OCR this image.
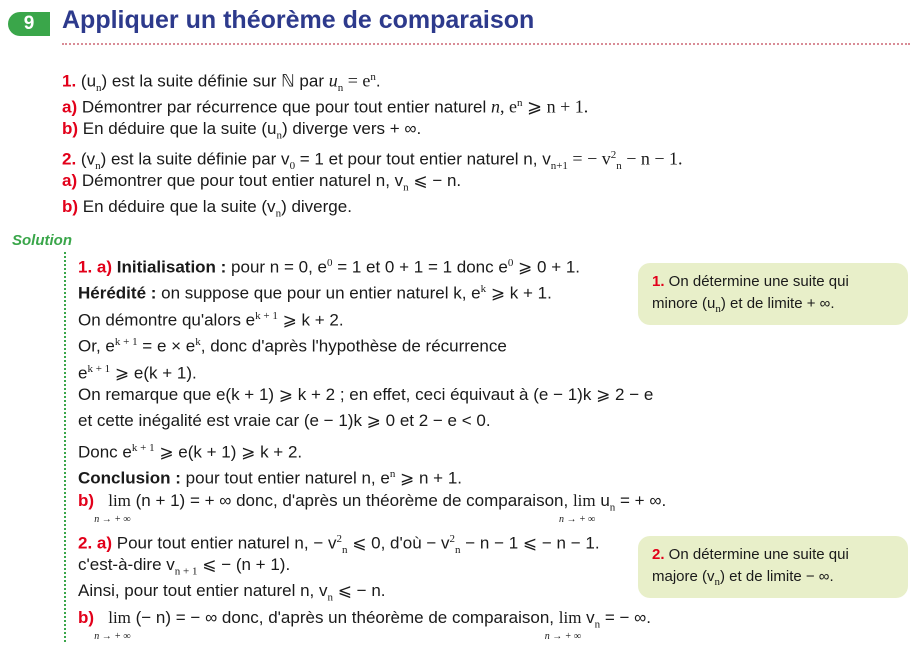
9	Appliquer un théorème de comparaison
1. $(u_n)$ est la suite définie sur ℕ par $u_n = e^n$.
a) Démontrer par récurrence que pour tout entier naturel n, $e^n$ ⩾ n + 1.
b) En déduire que la suite $(u_n)$ diverge vers + ∞.
2. $(v_n)$ est la suite définie par $v_0 = 1$ et pour tout entier naturel n, $v_{n+1}$ = − $v^2_n - n - 1$.
a) Démontrer que pour tout entier naturel n, $v_n$ ⩽ − n.
b) En déduire que la suite $(v_n)$ diverge.
Solution
1. a) Initialisation : pour n = 0, $e^0 = 1$ et 0 + 1 = 1 donc $e^0$ ⩾ 0 + 1.
Hérédité : on suppose que pour un entier naturel k, $e^k$ ⩾ k + 1.
On démontre qu'alors $e^{k + 1}$ ⩾ k + 2.
Or, $e^{k + 1} = e \times e^k$, donc d'après l'hypothèse de récurrence
$e^{k + 1}$ ⩾ e(k + 1).
On remarque que e(k + 1) ⩾ k + 2 ; en effet, ceci équivaut à (e − 1)k ⩾ 2 − e
et cette inégalité est vraie car (e − 1)k ⩾ 0 et 2 − e < 0.
Donc $e^{k + 1}$ ⩾ e(k + 1) ⩾ k + 2.
Conclusion : pour tout entier naturel n, $e^n$ ⩾ n + 1.
b) lim
n → + ∞
(n + 1) = + ∞ donc, d'après un théorème de comparaison, lim
n → + ∞
$u_n$ = + ∞.
2. a) Pour tout entier naturel n, − $v^2_n$ ⩽ 0, d'où − $v^2_n - n - 1$ ⩽ − n − 1.
c'est-à-dire $v_{n + 1}$ ⩽ − (n + 1).
Ainsi, pour tout entier naturel n, $v_n$ ⩽ − n.
b) lim
n → + ∞
(− n) = − ∞ donc, d'après un théorème de comparaison, lim
n → + ∞
$v_n$ = − ∞.
1. On détermine une suite qui
minore $(u_n)$ et de limite + ∞.
2. On détermine une suite qui
majore $(v_n)$ et de limite − ∞.
